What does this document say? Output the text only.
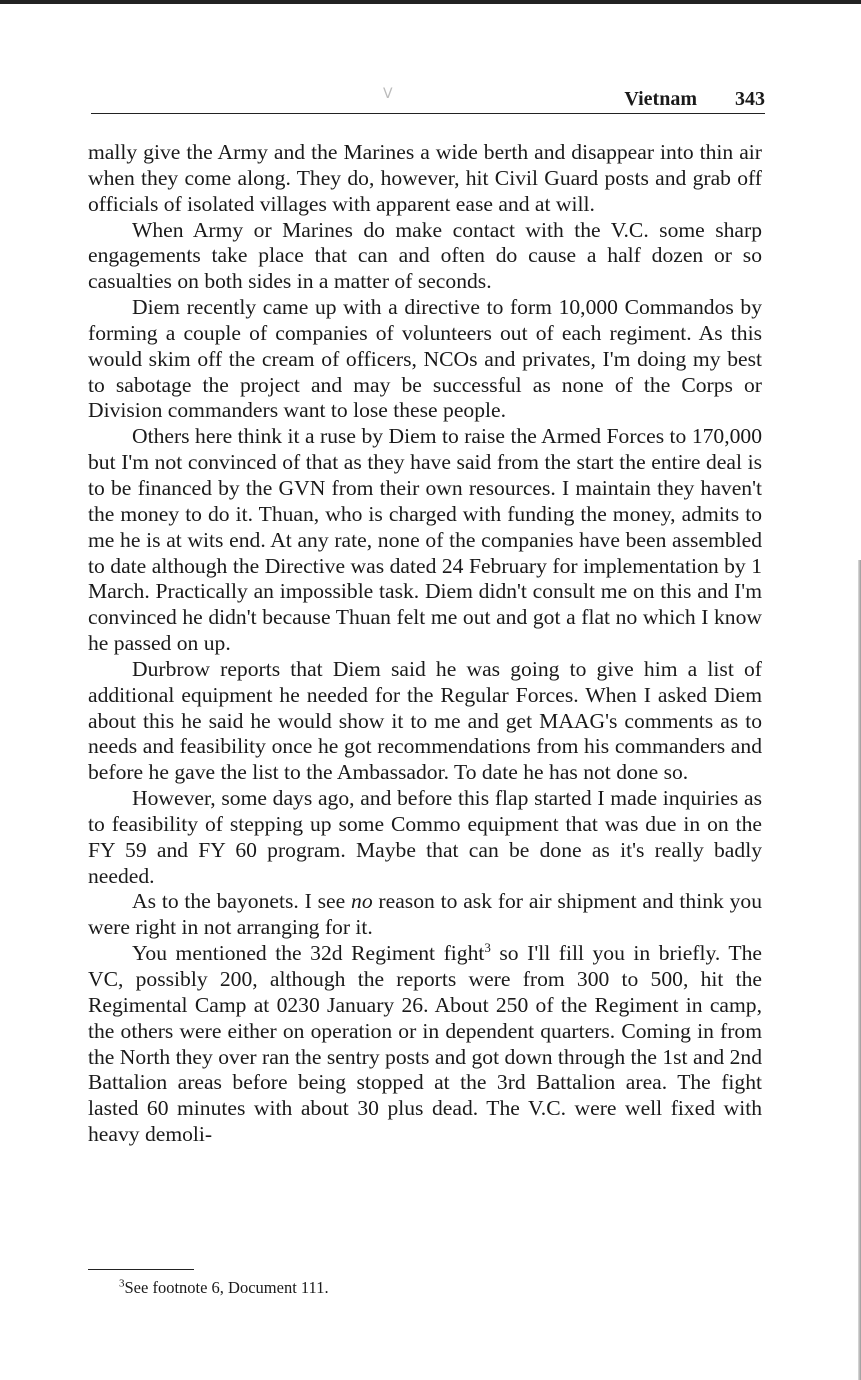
V	Vietnam 343

mally give the Army and the Marines a wide berth and disappear into thin air when they come along. They do, however, hit Civil Guard posts and grab off officials of isolated villages with apparent ease and at will.

When Army or Marines do make contact with the V.C. some sharp engagements take place that can and often do cause a half dozen or so casualties on both sides in a matter of seconds.

Diem recently came up with a directive to form 10,000 Commandos by forming a couple of companies of volunteers out of each regiment. As this would skim off the cream of officers, NCOs and privates, I'm doing my best to sabotage the project and may be successful as none of the Corps or Division commanders want to lose these people.

Others here think it a ruse by Diem to raise the Armed Forces to 170,000 but I'm not convinced of that as they have said from the start the entire deal is to be financed by the GVN from their own resources. I maintain they haven't the money to do it. Thuan, who is charged with funding the money, admits to me he is at wits end. At any rate, none of the companies have been assembled to date although the Directive was dated 24 February for implementation by 1 March. Practically an impossible task. Diem didn't consult me on this and I'm convinced he didn't because Thuan felt me out and got a flat no which I know he passed on up.

Durbrow reports that Diem said he was going to give him a list of additional equipment he needed for the Regular Forces. When I asked Diem about this he said he would show it to me and get MAAG's comments as to needs and feasibility once he got recommendations from his commanders and before he gave the list to the Ambassador. To date he has not done so.

However, some days ago, and before this flap started I made inquiries as to feasibility of stepping up some Commo equipment that was due in on the FY 59 and FY 60 program. Maybe that can be done as it's really badly needed.

As to the bayonets. I see no reason to ask for air shipment and think you were right in not arranging for it.

You mentioned the 32d Regiment fight$^3$ so I'll fill you in briefly. The VC, possibly 200, although the reports were from 300 to 500, hit the Regimental Camp at 0230 January 26. About 250 of the Regiment in camp, the others were either on operation or in dependent quarters. Coming in from the North they over ran the sentry posts and got down through the 1st and 2nd Battalion areas before being stopped at the 3rd Battalion area. The fight lasted 60 minutes with about 30 plus dead. The V.C. were well fixed with heavy demoli-

$^3$See footnote 6, Document 111.
